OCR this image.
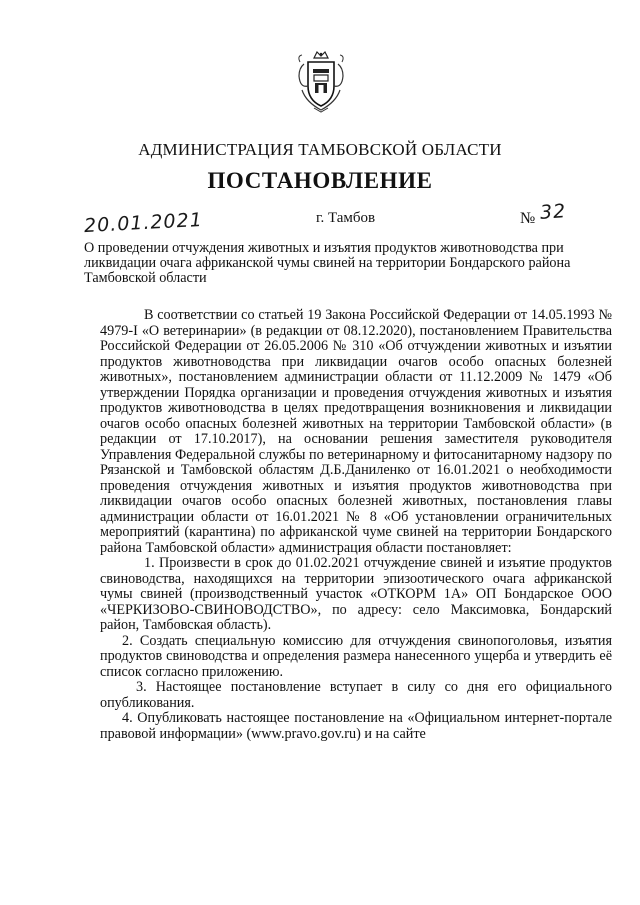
АДМИНИСТРАЦИЯ ТАМБОВСКОЙ ОБЛАСТИ
ПОСТАНОВЛЕНИЕ
20.01.2021	г. Тамбов	№ 32
О проведении отчуждения животных и изъятия продуктов животноводства при ликвидации очага африканской чумы свиней на территории Бондарского района Тамбовской области

В соответствии со статьей 19 Закона Российской Федерации от 14.05.1993 № 4979-I «О ветеринарии» (в редакции от 08.12.2020), постановлением Правительства Российской Федерации от 26.05.2006 № 310 «Об отчуждении животных и изъятии продуктов животноводства при ликвидации очагов особо опасных болезней животных», постановлением администрации области от 11.12.2009 № 1479 «Об утверждении Порядка организации и проведения отчуждения животных и изъятия продуктов животноводства в целях предотвращения возникновения и ликвидации очагов особо опасных болезней животных на территории Тамбовской области» (в редакции от 17.10.2017), на основании решения заместителя руководителя Управления Федеральной службы по ветеринарному и фитосанитарному надзору по Рязанской и Тамбовской областям Д.Б.Даниленко от 16.01.2021 о необходимости проведения отчуждения животных и изъятия продуктов животноводства при ликвидации очагов особо опасных болезней животных, постановления главы администрации области от 16.01.2021 № 8 «Об установлении ограничительных мероприятий (карантина) по африканской чуме свиней на территории Бондарского района Тамбовской области» администрация области постановляет:

1. Произвести в срок до 01.02.2021 отчуждение свиней и изъятие продуктов свиноводства, находящихся на территории эпизоотического очага африканской чумы свиней (производственный участок «ОТКОРМ 1А» ОП Бондарское ООО «ЧЕРКИЗОВО-СВИНОВОДСТВО», по адресу: село Максимовка, Бондарский район, Тамбовская область).

2. Создать специальную комиссию для отчуждения свинопоголовья, изъятия продуктов свиноводства и определения размера нанесенного ущерба и утвердить её список согласно приложению.

3. Настоящее постановление вступает в силу со дня его официального опубликования.

4. Опубликовать настоящее постановление на «Официальном интернет-портале правовой информации» (www.pravo.gov.ru) и на сайте
